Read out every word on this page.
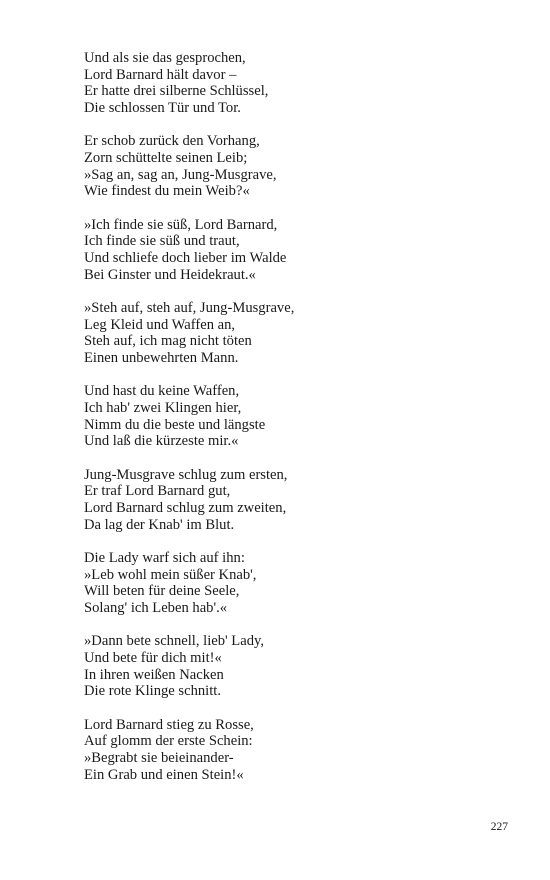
Und als sie das gesprochen,
Lord Barnard hält davor –
Er hatte drei silberne Schlüssel,
Die schlossen Tür und Tor.
Er schob zurück den Vorhang,
Zorn schüttelte seinen Leib;
»Sag an, sag an, Jung-Musgrave,
Wie findest du mein Weib?«
»Ich finde sie süß, Lord Barnard,
Ich finde sie süß und traut,
Und schliefe doch lieber im Walde
Bei Ginster und Heidekraut.«
»Steh auf, steh auf, Jung-Musgrave,
Leg Kleid und Waffen an,
Steh auf, ich mag nicht töten
Einen unbewehrten Mann.
Und hast du keine Waffen,
Ich hab' zwei Klingen hier,
Nimm du die beste und längste
Und laß die kürzeste mir.«
Jung-Musgrave schlug zum ersten,
Er traf Lord Barnard gut,
Lord Barnard schlug zum zweiten,
Da lag der Knab' im Blut.
Die Lady warf sich auf ihn:
»Leb wohl mein süßer Knab',
Will beten für deine Seele,
Solang' ich Leben hab'.«
»Dann bete schnell, lieb' Lady,
Und bete für dich mit!«
In ihren weißen Nacken
Die rote Klinge schnitt.
Lord Barnard stieg zu Rosse,
Auf glomm der erste Schein:
»Begrabt sie beieinander-
Ein Grab und einen Stein!«
227
